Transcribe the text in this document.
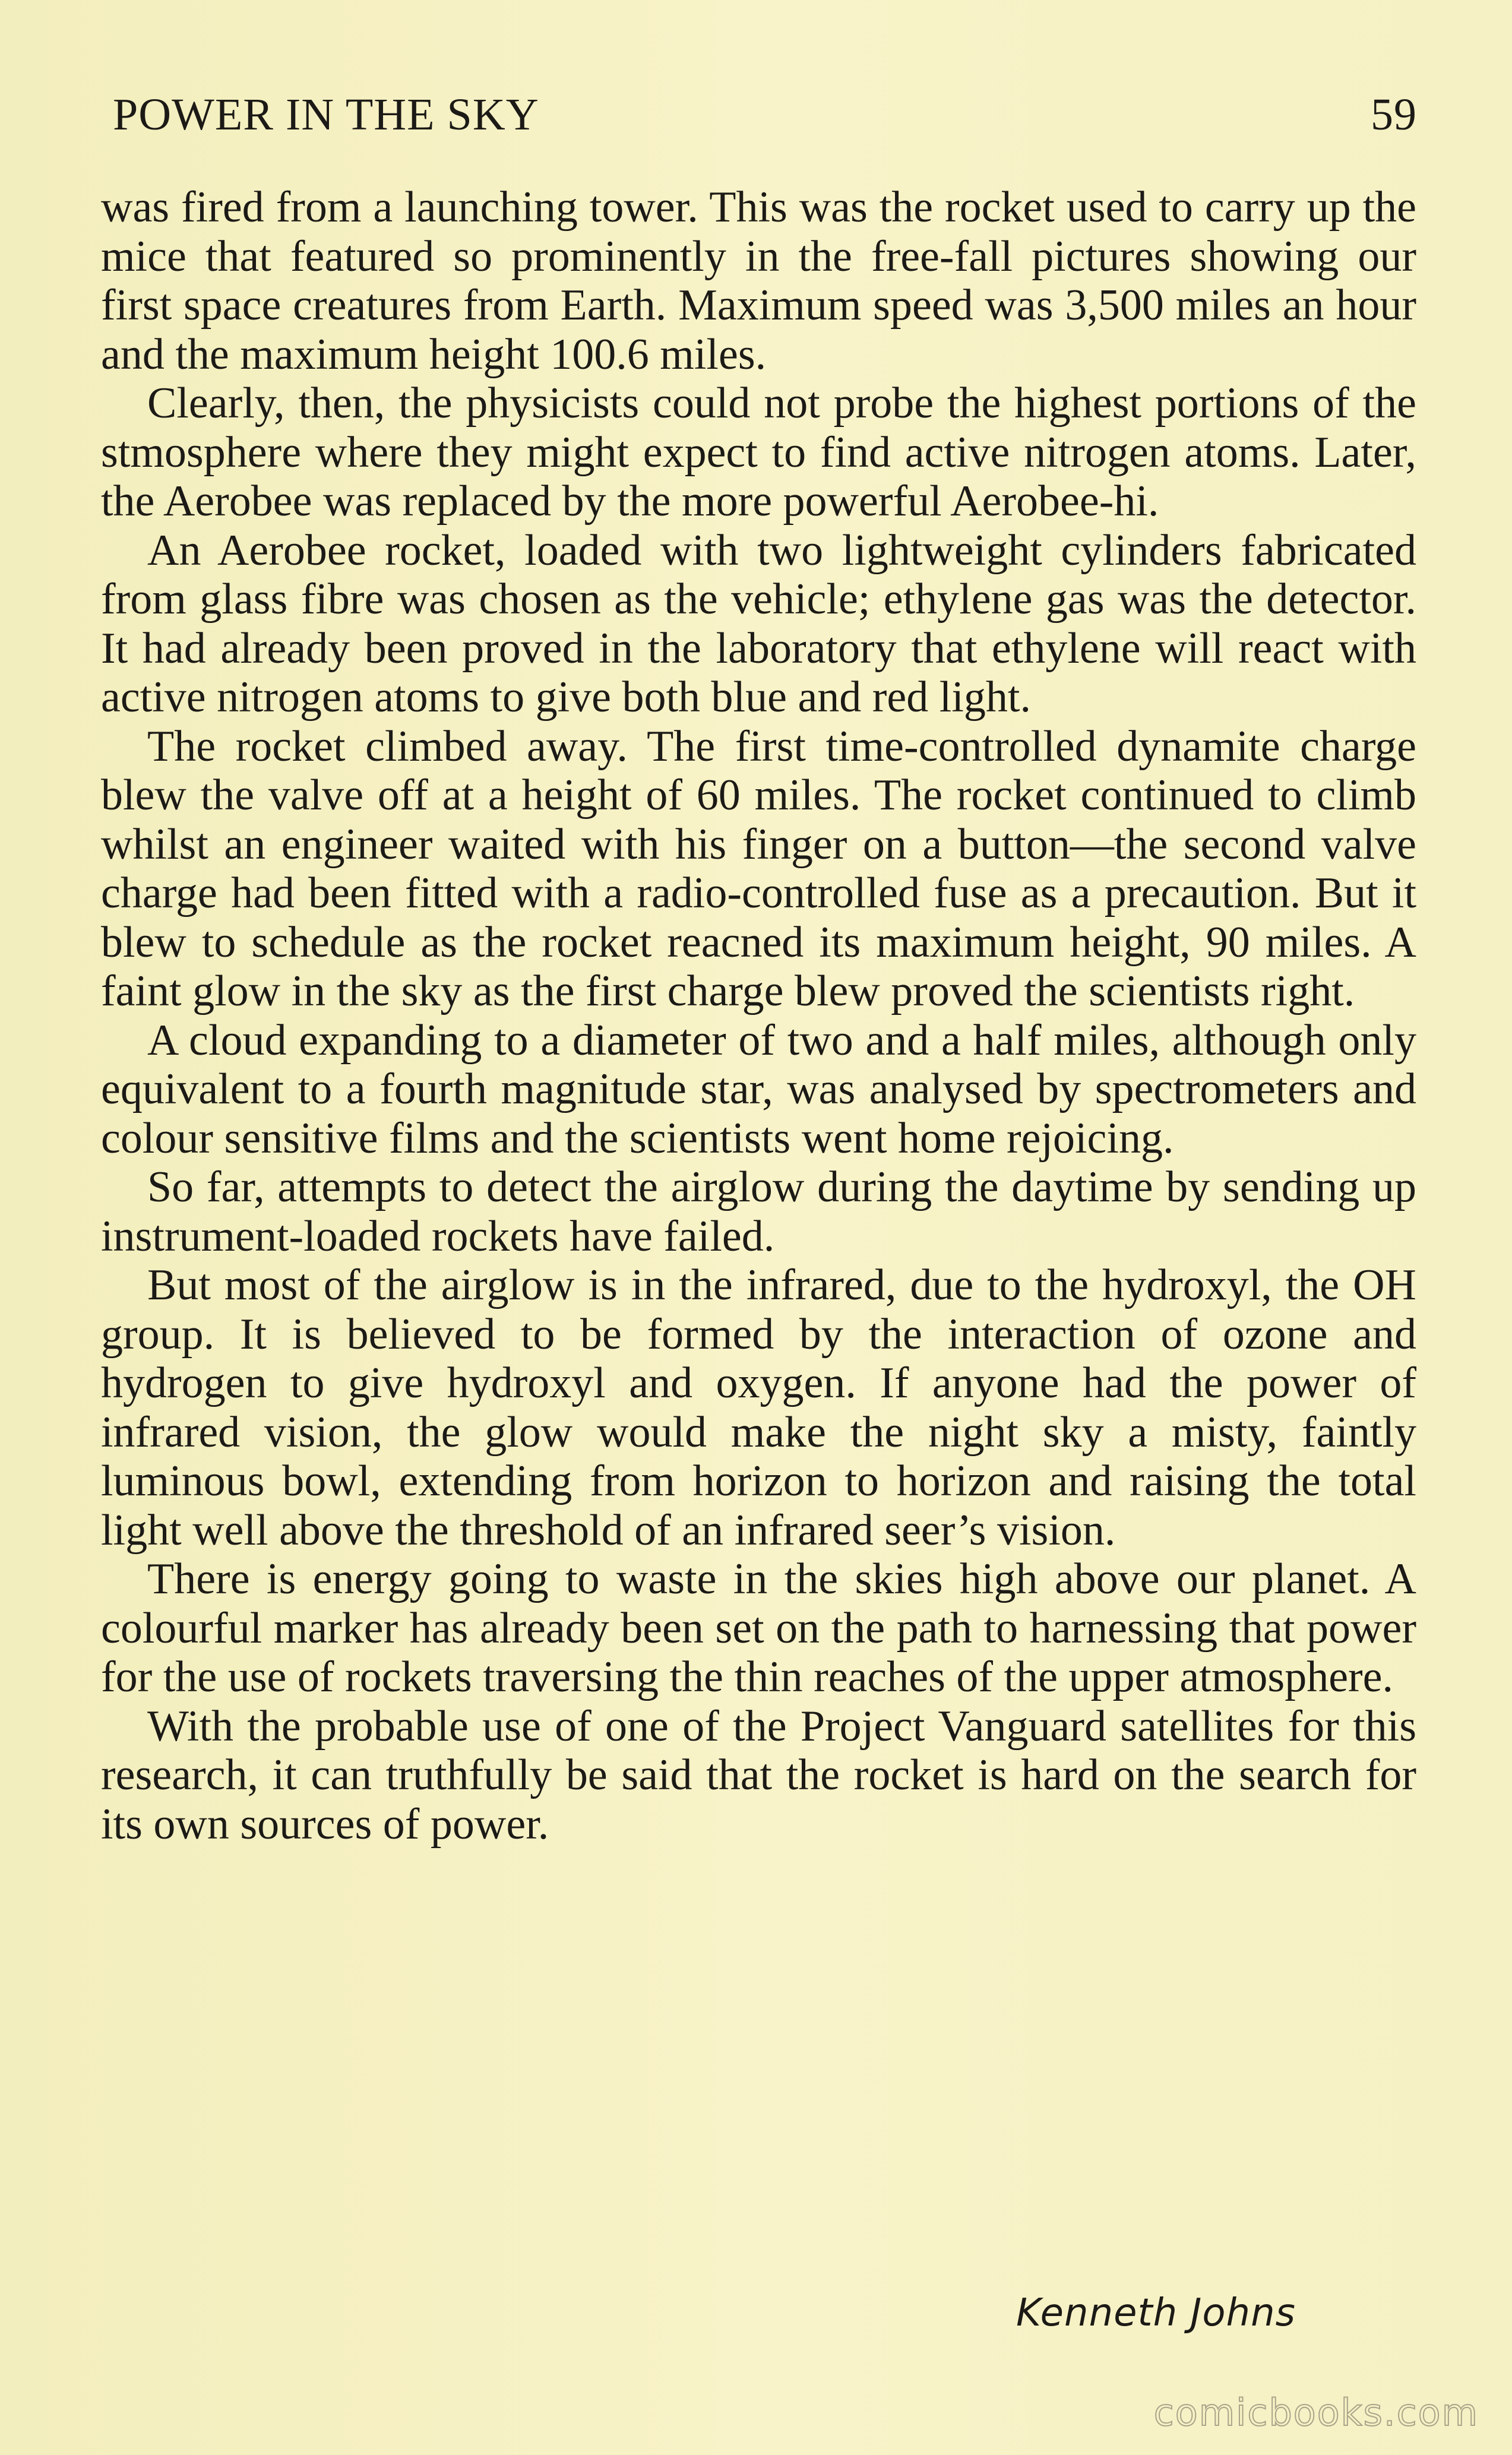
POWER IN THE SKY	59

was fired from a launching tower. This was the rocket used to carry up the mice that featured so prominently in the free-fall pictures showing our first space creatures from Earth. Maximum speed was 3,500 miles an hour and the maximum height 100.6 miles.

Clearly, then, the physicists could not probe the highest portions of the stmosphere where they might expect to find active nitrogen atoms. Later, the Aerobee was replaced by the more powerful Aerobee-hi.

An Aerobee rocket, loaded with two lightweight cylinders fabricated from glass fibre was chosen as the vehicle; ethylene gas was the detector. It had already been proved in the laboratory that ethylene will react with active nitrogen atoms to give both blue and red light.

The rocket climbed away. The first time-controlled dynamite charge blew the valve off at a height of 60 miles. The rocket continued to climb whilst an engineer waited with his finger on a button—the second valve charge had been fitted with a radio-controlled fuse as a precaution. But it blew to schedule as the rocket reacned its maximum height, 90 miles. A faint glow in the sky as the first charge blew proved the scientists right.

A cloud expanding to a diameter of two and a half miles, although only equivalent to a fourth magnitude star, was analysed by spectrometers and colour sensitive films and the scientists went home rejoicing.

So far, attempts to detect the airglow during the daytime by sending up instrument-loaded rockets have failed.

But most of the airglow is in the infrared, due to the hydroxyl, the OH group. It is believed to be formed by the interaction of ozone and hydrogen to give hydroxyl and oxygen. If anyone had the power of infrared vision, the glow would make the night sky a misty, faintly luminous bowl, extending from horizon to horizon and raising the total light well above the threshold of an infrared seer’s vision.

There is energy going to waste in the skies high above our planet. A colourful marker has already been set on the path to harnessing that power for the use of rockets traversing the thin reaches of the upper atmosphere.

With the probable use of one of the Project Vanguard satellites for this research, it can truthfully be said that the rocket is hard on the search for its own sources of power.

Kenneth Johns
comicbooks.com
